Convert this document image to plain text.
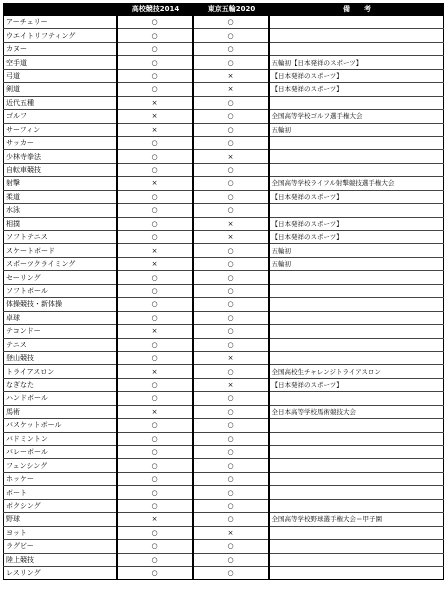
	高校競技2014	東京五輪2020	備　　考
アーチェリー	○	○	
ウエイトリフティング	○	○	
カヌー	○	○	
空手道	○	○	五輪初【日本発祥のスポーツ】
弓道	○	×	【日本発祥のスポーツ】
剣道	○	×	【日本発祥のスポーツ】
近代五種	×	○	
ゴルフ	×	○	全国高等学校ゴルフ選手権大会
サーフィン	×	○	五輪初
サッカー	○	○	
少林寺拳法	○	×	
自転車競技	○	○	
射撃	×	○	全国高等学校ライフル射撃競技選手権大会
柔道	○	○	【日本発祥のスポーツ】
水泳	○	○	
相撲	○	×	【日本発祥のスポーツ】
ソフトテニス	○	×	【日本発祥のスポーツ】
スケートボード	×	○	五輪初
スポーツクライミング	×	○	五輪初
セーリング	○	○	
ソフトボール	○	○	
体操競技・新体操	○	○	
卓球	○	○	
テコンドー	×	○	
テニス	○	○	
登山競技	○	×	
トライアスロン	×	○	全国高校生チャレンジトライアスロン
なぎなた	○	×	【日本発祥のスポーツ】
ハンドボール	○	○	
馬術	×	○	全日本高等学校馬術競技大会
バスケットボール	○	○	
バドミントン	○	○	
バレーボール	○	○	
フェンシング	○	○	
ホッケー	○	○	
ボート	○	○	
ボクシング	○	○	
野球	×	○	全国高等学校野球選手権大会＝甲子園
ヨット	○	×	
ラグビー	○	○	
陸上競技	○	○	
レスリング	○	○	
